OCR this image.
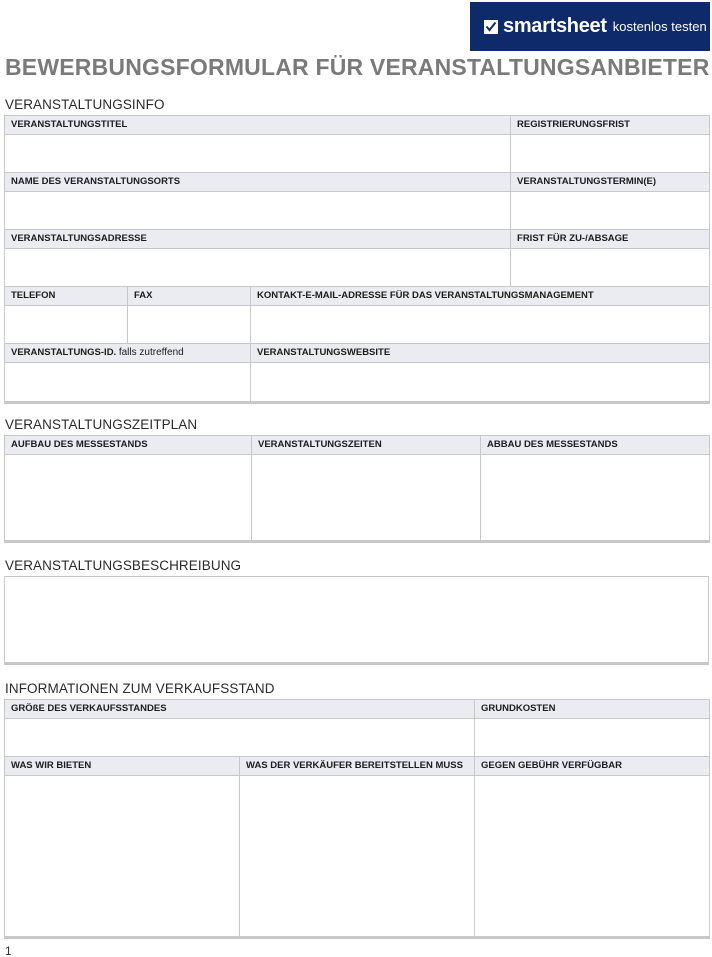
smartsheet kostenlos testen
BEWERBUNGSFORMULAR FÜR VERANSTALTUNGSANBIETER
VERANSTALTUNGSINFO
VERANSTALTUNGSTITEL			REGISTRIERUNGSFRIST

NAME DES VERANSTALTUNGSORTS			VERANSTALTUNGSTERMIN(E)

VERANSTALTUNGSADRESSE			FRIST FÜR ZU-/ABSAGE

TELEFON	FAX	KONTAKT-E-MAIL-ADRESSE FÜR DAS VERANSTALTUNGSMANAGEMENT	

VERANSTALTUNGS-ID. falls zutreffend		VERANSTALTUNGSWEBSITE	

VERANSTALTUNGSZEITPLAN
AUFBAU DES MESSESTANDS	VERANSTALTUNGSZEITEN	ABBAU DES MESSESTANDS

VERANSTALTUNGSBESCHREIBUNG
INFORMATIONEN ZUM VERKAUFSSTAND
GRÖßE DES VERKAUFSSTANDES		GRUNDKOSTEN

WAS WIR BIETEN	WAS DER VERKÄUFER BEREITSTELLEN MUSS	GEGEN GEBÜHR VERFÜGBAR

1
